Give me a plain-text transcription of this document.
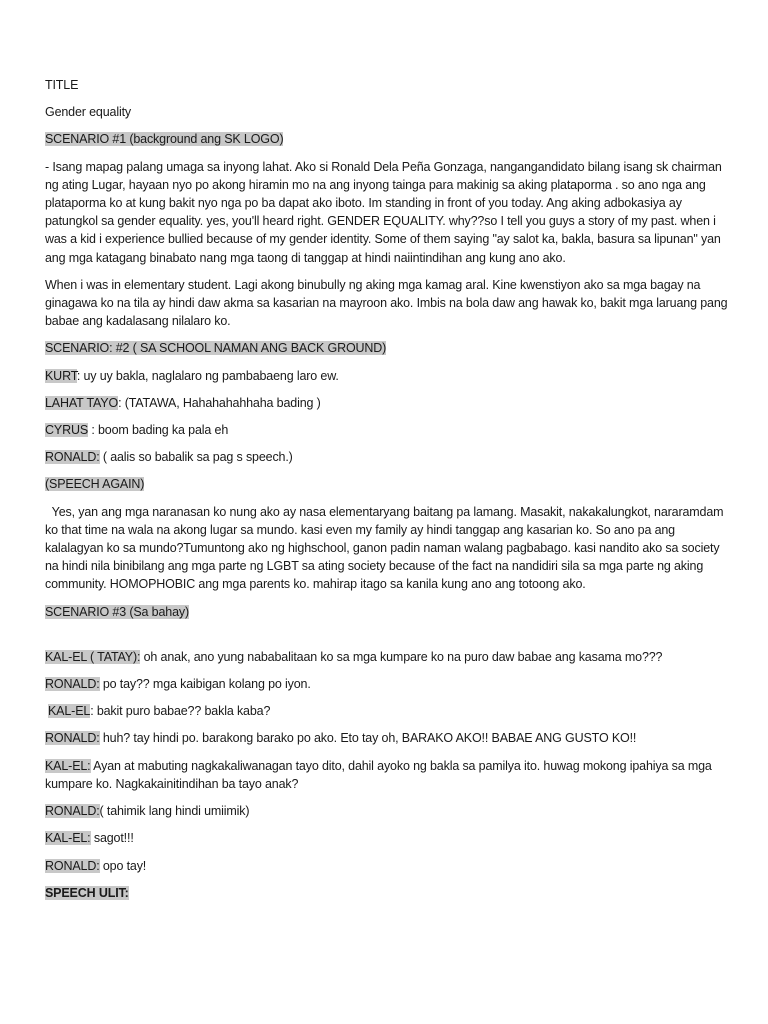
TITLE

Gender equality

SCENARIO #1 (background ang SK LOGO)

- Isang mapag palang umaga sa inyong lahat. Ako si Ronald Dela Peña Gonzaga, nangangandidato bilang isang sk chairman ng ating Lugar, hayaan nyo po akong hiramin mo na ang inyong tainga para makinig sa aking plataporma . so ano nga ang plataporma ko at kung bakit nyo nga po ba dapat ako iboto. Im standing in front of you today. Ang aking adbokasiya ay patungkol sa gender equality. yes, you'll heard right. GENDER EQUALITY. why??so I tell you guys a story of my past. when i was a kid i experience bullied because of my gender identity. Some of them saying "ay salot ka, bakla, basura sa lipunan" yan ang mga katagang binabato nang mga taong di tanggap at hindi naiintindihan ang kung ano ako.

When i was in elementary student. Lagi akong binubully ng aking mga kamag aral. Kine kwenstiyon ako sa mga bagay na ginagawa ko na tila ay hindi daw akma sa kasarian na mayroon ako. Imbis na bola daw ang hawak ko, bakit mga laruang pang babae ang kadalasang nilalaro ko.

SCENARIO: #2 ( SA SCHOOL NAMAN ANG BACK GROUND)

KURT: uy uy bakla, naglalaro ng pambabaeng laro ew.

LAHAT TAYO: (TATAWA, Hahahahahhaha bading )

CYRUS : boom bading ka pala eh

RONALD: ( aalis so babalik sa pag s speech.)

(SPEECH AGAIN)

Yes, yan ang mga naranasan ko nung ako ay nasa elementaryang baitang pa lamang. Masakit, nakakalungkot, nararamdam ko that time na wala na akong lugar sa mundo. kasi even my family ay hindi tanggap ang kasarian ko. So ano pa ang kalalagyan ko sa mundo?Tumuntong ako ng highschool, ganon padin naman walang pagbabago. kasi nandito ako sa society na hindi nila binibilang ang mga parte ng LGBT sa ating society because of the fact na nandidiri sila sa mga parte ng aking  community. HOMOPHOBIC ang mga parents ko. mahirap itago sa kanila kung ano ang totoong ako.

SCENARIO #3 (Sa bahay)

KAL-EL ( TATAY): oh anak, ano yung nababalitaan ko sa mga kumpare ko na puro daw babae ang kasama mo???

RONALD: po tay?? mga kaibigan kolang po iyon.

KAL-EL: bakit puro babae?? bakla kaba?

RONALD: huh? tay hindi po. barakong barako po ako. Eto tay oh, BARAKO AKO!! BABAE ANG GUSTO KO!!

KAL-EL: Ayan at mabuting nagkakaliwanagan tayo dito, dahil ayoko ng bakla sa pamilya ito. huwag mokong ipahiya sa mga kumpare ko. Nagkakainitindihan ba tayo anak?

RONALD:( tahimik lang hindi umiimik)

KAL-EL: sagot!!!

RONALD: opo tay!

SPEECH ULIT:
